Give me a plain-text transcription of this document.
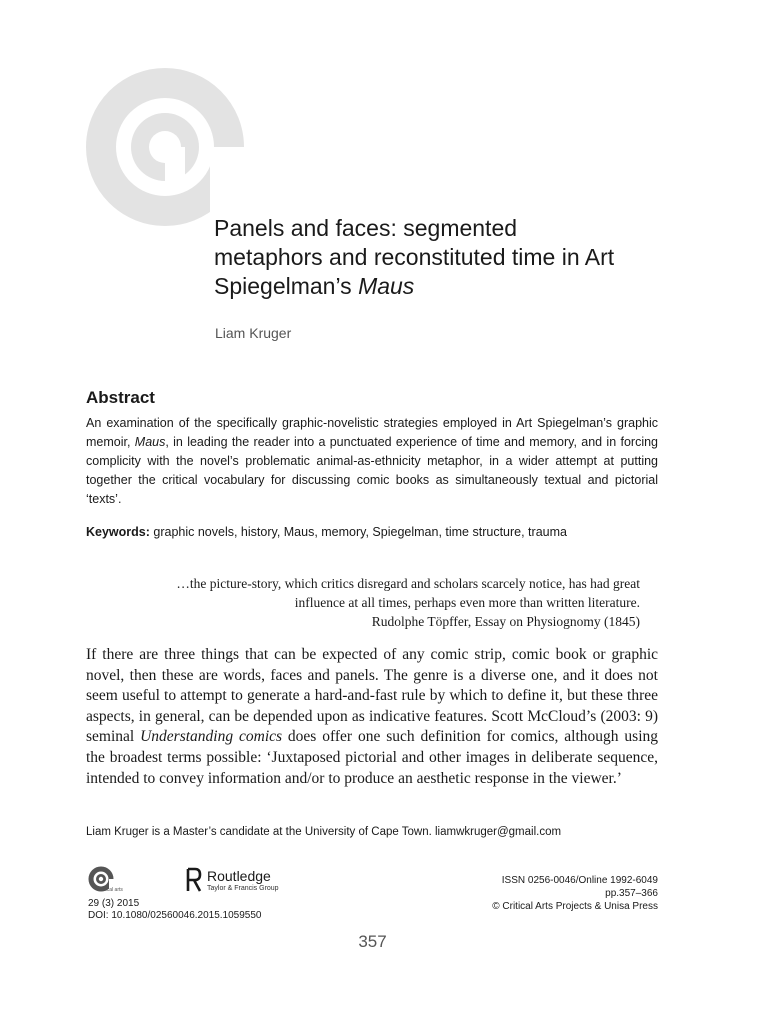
Panels and faces: segmented
metaphors and reconstituted time in Art
Spiegelman’s Maus
Liam Kruger
Abstract

An examination of the specifically graphic-novelistic strategies employed in Art Spiegelman’s graphic memoir, Maus, in leading the reader into a punctuated experience of time and memory, and in forcing complicity with the novel’s problematic animal-as-ethnicity metaphor, in a wider attempt at putting together the critical vocabulary for discussing comic books as simultaneously textual and pictorial ‘texts’.

Keywords: graphic novels, history, Maus, memory, Spiegelman, time structure, trauma
…the picture-story, which critics disregard and scholars scarcely notice, has had great
influence at all times, perhaps even more than written literature.
Rudolphe Töpffer, Essay on Physiognomy (1845)

If there are three things that can be expected of any comic strip, comic book or graphic novel, then these are words, faces and panels. The genre is a diverse one, and it does not seem useful to attempt to generate a hard-and-fast rule by which to define it, but these three aspects, in general, can be depended upon as indicative features. Scott McCloud’s (2003: 9) seminal Understanding comics does offer one such definition for comics, although using the broadest terms possible: ‘Juxtaposed pictorial and other images in deliberate sequence, intended to convey information and/or to produce an aesthetic response in the viewer.’

Liam Kruger is a Master’s candidate at the University of Cape Town. liamwkruger@gmail.com
critical arts
Routledge
Taylor & Francis Group
29 (3) 2015
DOI: 10.1080/02560046.2015.1059550
ISSN 0256-0046/Online 1992-6049
pp.357–366
© Critical Arts Projects & Unisa Press
357
